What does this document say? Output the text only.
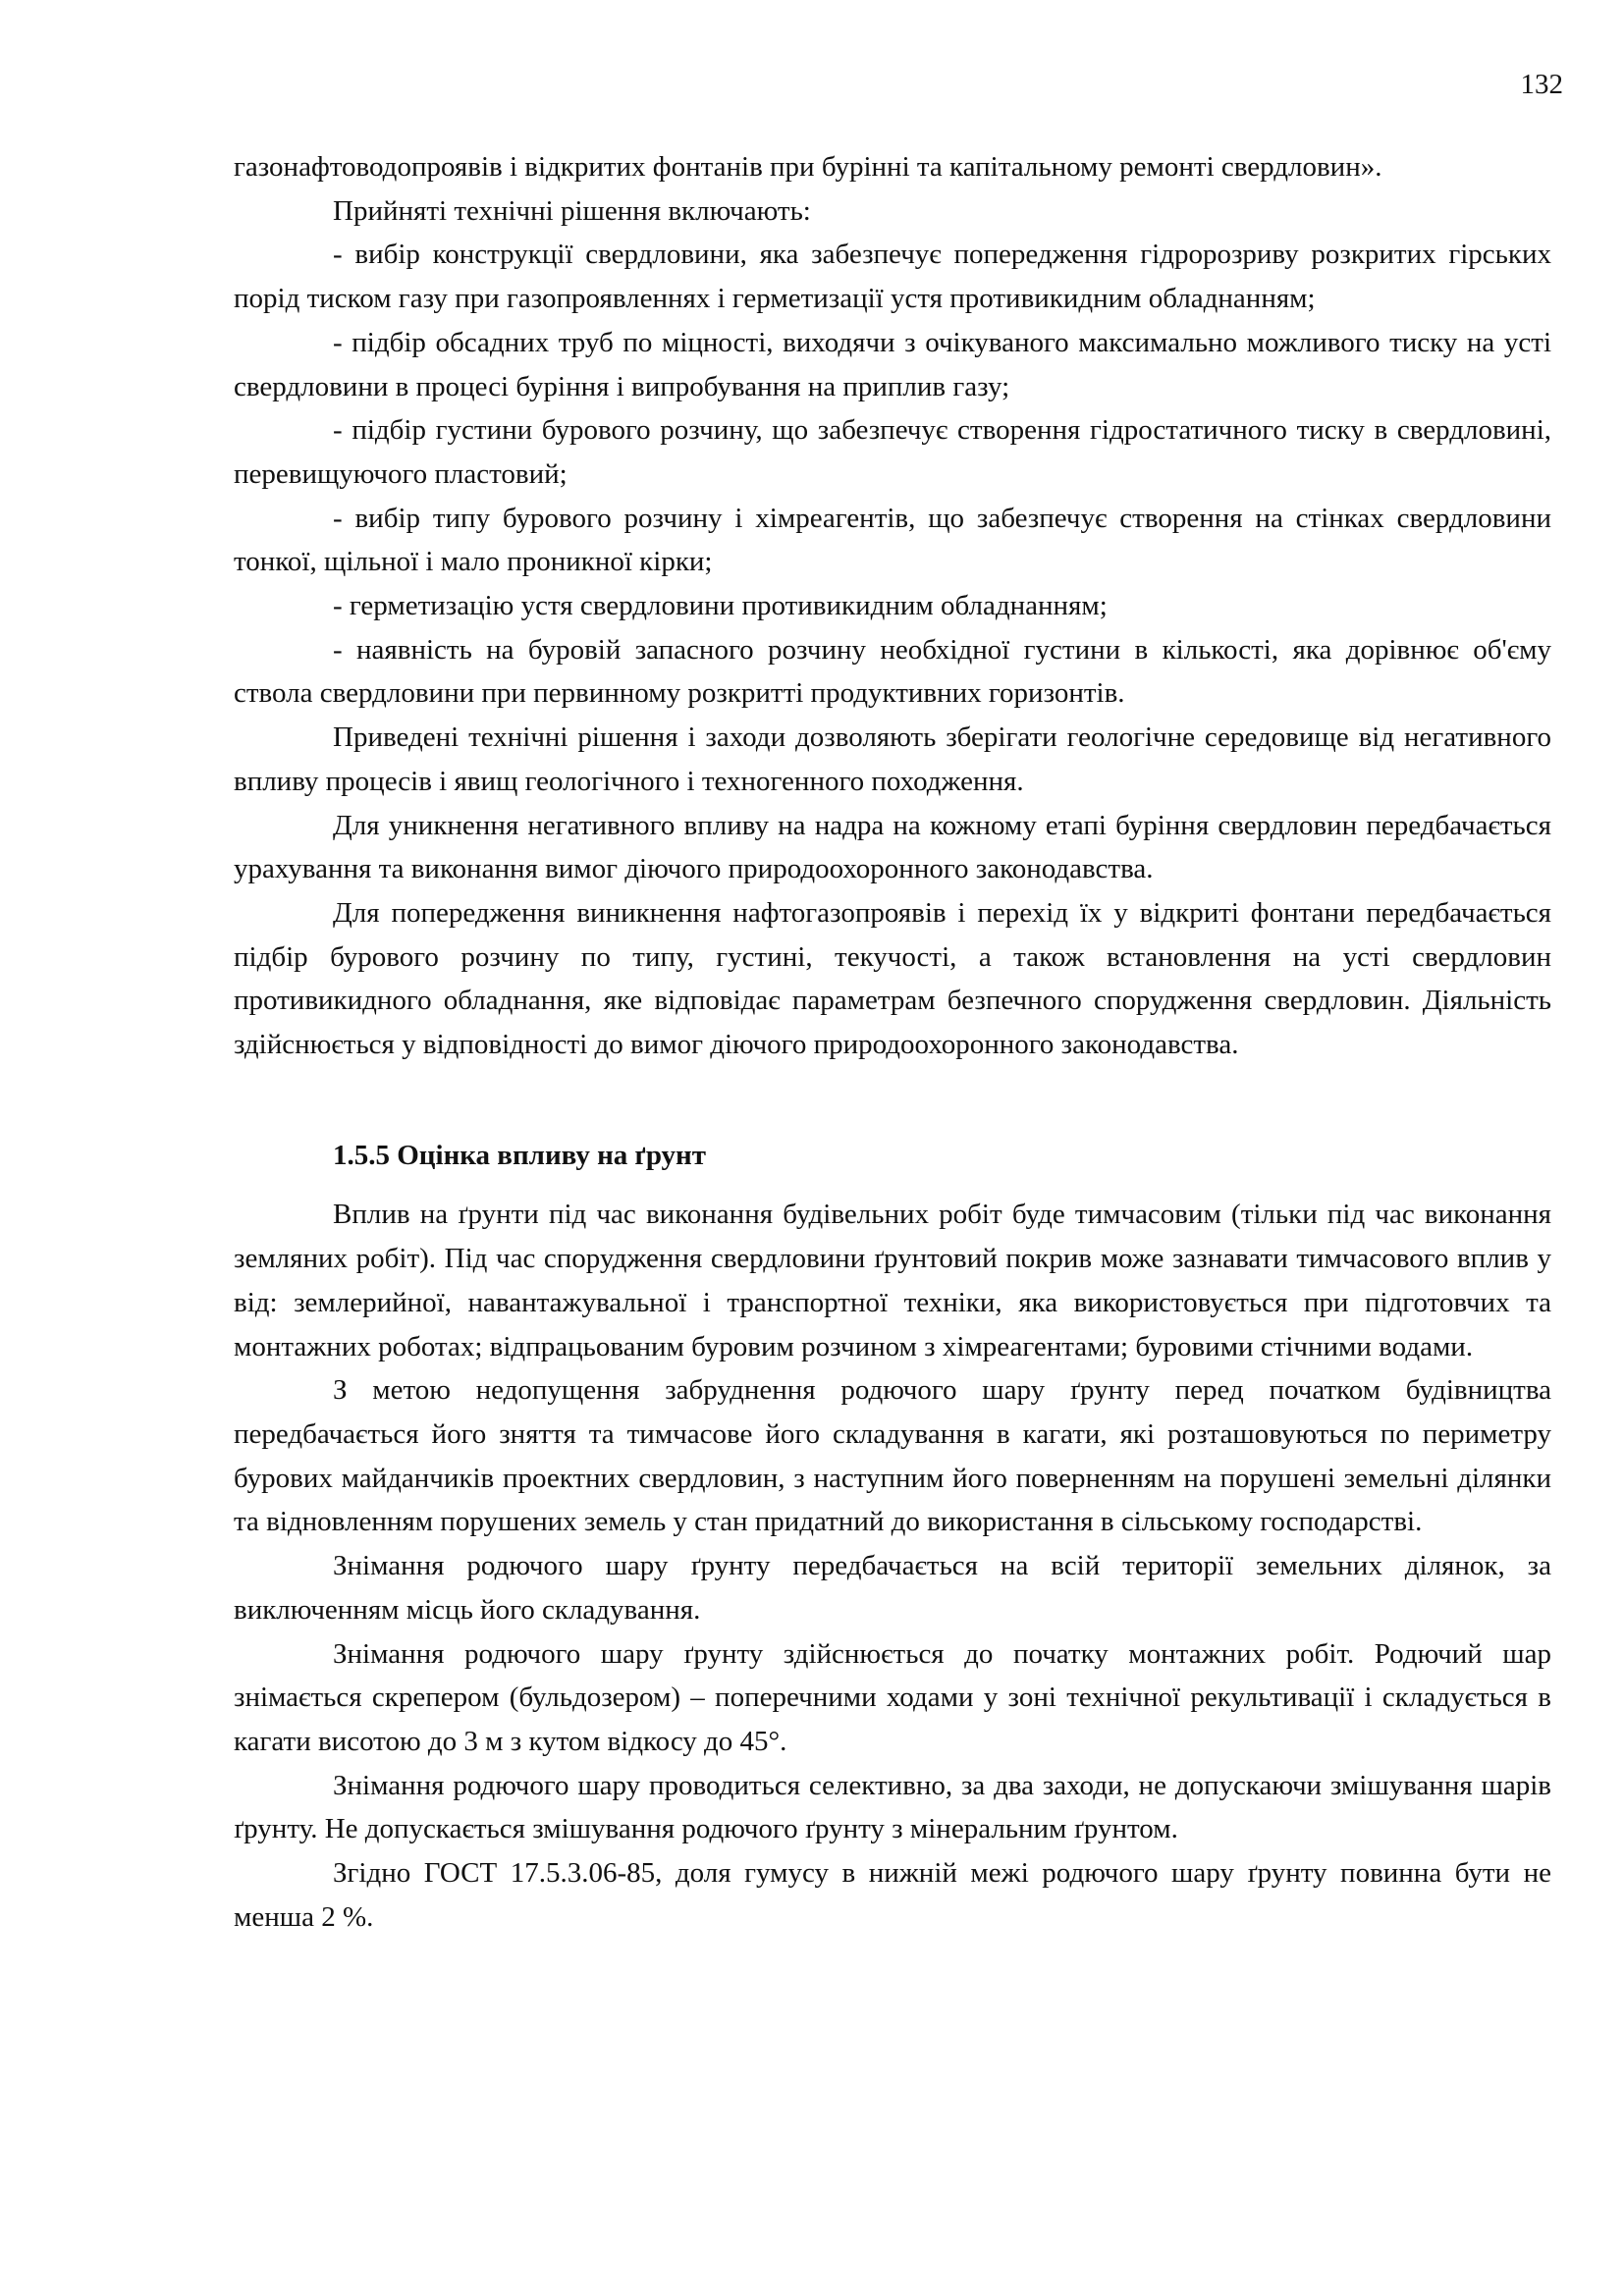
132

газонафтоводопроявів і відкритих фонтанів при бурінні та капітальному ремонті свердловин».

Прийняті технічні рішення включають:

- вибір конструкції свердловини, яка забезпечує попередження гідророзриву розкритих гірських порід тиском газу при газопроявленнях і герметизації устя противикидним обладнанням;

- підбір обсадних труб по міцності, виходячи з очікуваного максимально можливого тиску на усті свердловини в процесі буріння і випробування на приплив газу;

- підбір густини бурового розчину, що забезпечує створення гідростатичного тиску в свердловині, перевищуючого пластовий;

- вибір типу бурового розчину і хімреагентів, що забезпечує створення на стінках свердловини тонкої, щільної і мало проникної кірки;

- герметизацію устя свердловини противикидним обладнанням;

- наявність на буровій запасного розчину необхідної густини в кількості, яка дорівнює об'єму ствола свердловини при первинному розкритті продуктивних горизонтів.

Приведені технічні рішення і заходи дозволяють зберігати геологічне середовище від негативного впливу процесів і явищ геологічного і техногенного походження.

Для уникнення негативного впливу на надра на кожному етапі буріння свердловин передбачається урахування та виконання вимог діючого природоохоронного законодавства.

Для попередження виникнення нафтогазопроявів і перехід їх у відкриті фонтани передбачається підбір бурового розчину по типу, густині, текучості, а також встановлення на усті свердловин противикидного обладнання, яке відповідає параметрам безпечного спорудження свердловин. Діяльність здійснюється у відповідності до вимог діючого природоохоронного законодавства.

1.5.5 Оцінка впливу на ґрунт

Вплив на ґрунти під час виконання будівельних робіт буде тимчасовим (тільки під час виконання земляних робіт). Під час спорудження свердловини ґрунтовий покрив може зазнавати тимчасового вплив у від: землерийної, навантажувальної і транспортної техніки, яка використовується при підготовчих та монтажних роботах; відпрацьованим буровим розчином з хімреагентами; буровими стічними водами.

З метою недопущення забруднення родючого шару ґрунту перед початком будівництва передбачається його зняття та тимчасове його складування в кагати, які розташовуються по периметру бурових майданчиків проектних свердловин, з наступним його поверненням на порушені земельні ділянки та відновленням порушених земель у стан придатний до використання в сільському господарстві.

Знімання родючого шару ґрунту передбачається на всій території земельних ділянок, за виключенням місць його складування.

Знімання родючого шару ґрунту здійснюється до початку монтажних робіт. Родючий шар знімається скрепером (бульдозером) – поперечними ходами у зоні технічної рекультивації і складується в кагати висотою до 3 м з кутом відкосу до 45°.

Знімання родючого шару проводиться селективно, за два заходи, не допускаючи змішування шарів ґрунту. Не допускається змішування родючого ґрунту з мінеральним ґрунтом.

Згідно ГОСТ 17.5.3.06-85, доля гумусу в нижній межі родючого шару ґрунту повинна бути не менша 2 %.
